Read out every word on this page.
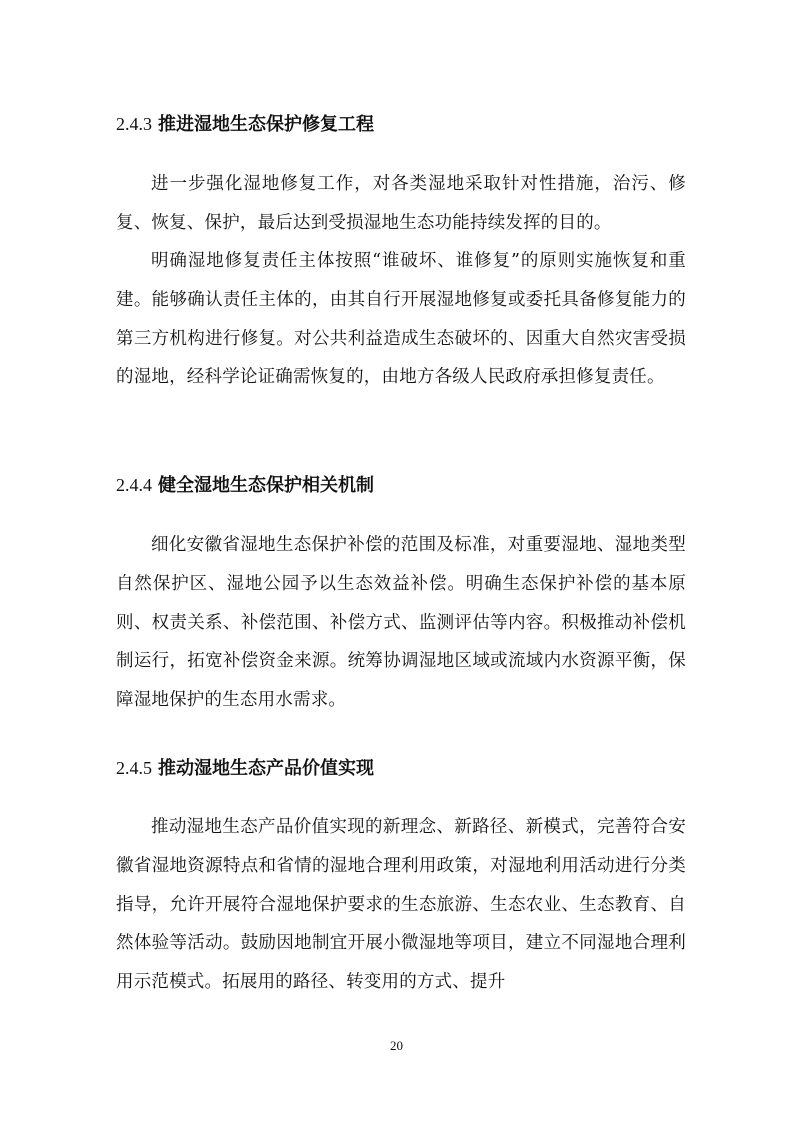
2.4.3 推进湿地生态保护修复工程

进一步强化湿地修复工作，对各类湿地采取针对性措施，治污、修复、恢复、保护，最后达到受损湿地生态功能持续发挥的目的。

明确湿地修复责任主体按照“谁破坏、谁修复”的原则实施恢复和重建。能够确认责任主体的，由其自行开展湿地修复或委托具备修复能力的第三方机构进行修复。对公共利益造成生态破坏的、因重大自然灾害受损的湿地，经科学论证确需恢复的，由地方各级人民政府承担修复责任。

2.4.4 健全湿地生态保护相关机制

细化安徽省湿地生态保护补偿的范围及标准，对重要湿地、湿地类型自然保护区、湿地公园予以生态效益补偿。明确生态保护补偿的基本原则、权责关系、补偿范围、补偿方式、监测评估等内容。积极推动补偿机制运行，拓宽补偿资金来源。统筹协调湿地区域或流域内水资源平衡，保障湿地保护的生态用水需求。

2.4.5 推动湿地生态产品价值实现

推动湿地生态产品价值实现的新理念、新路径、新模式，完善符合安徽省湿地资源特点和省情的湿地合理利用政策，对湿地利用活动进行分类指导，允许开展符合湿地保护要求的生态旅游、生态农业、生态教育、自然体验等活动。鼓励因地制宜开展小微湿地等项目，建立不同湿地合理利用示范模式。拓展用的路径、转变用的方式、提升

20
